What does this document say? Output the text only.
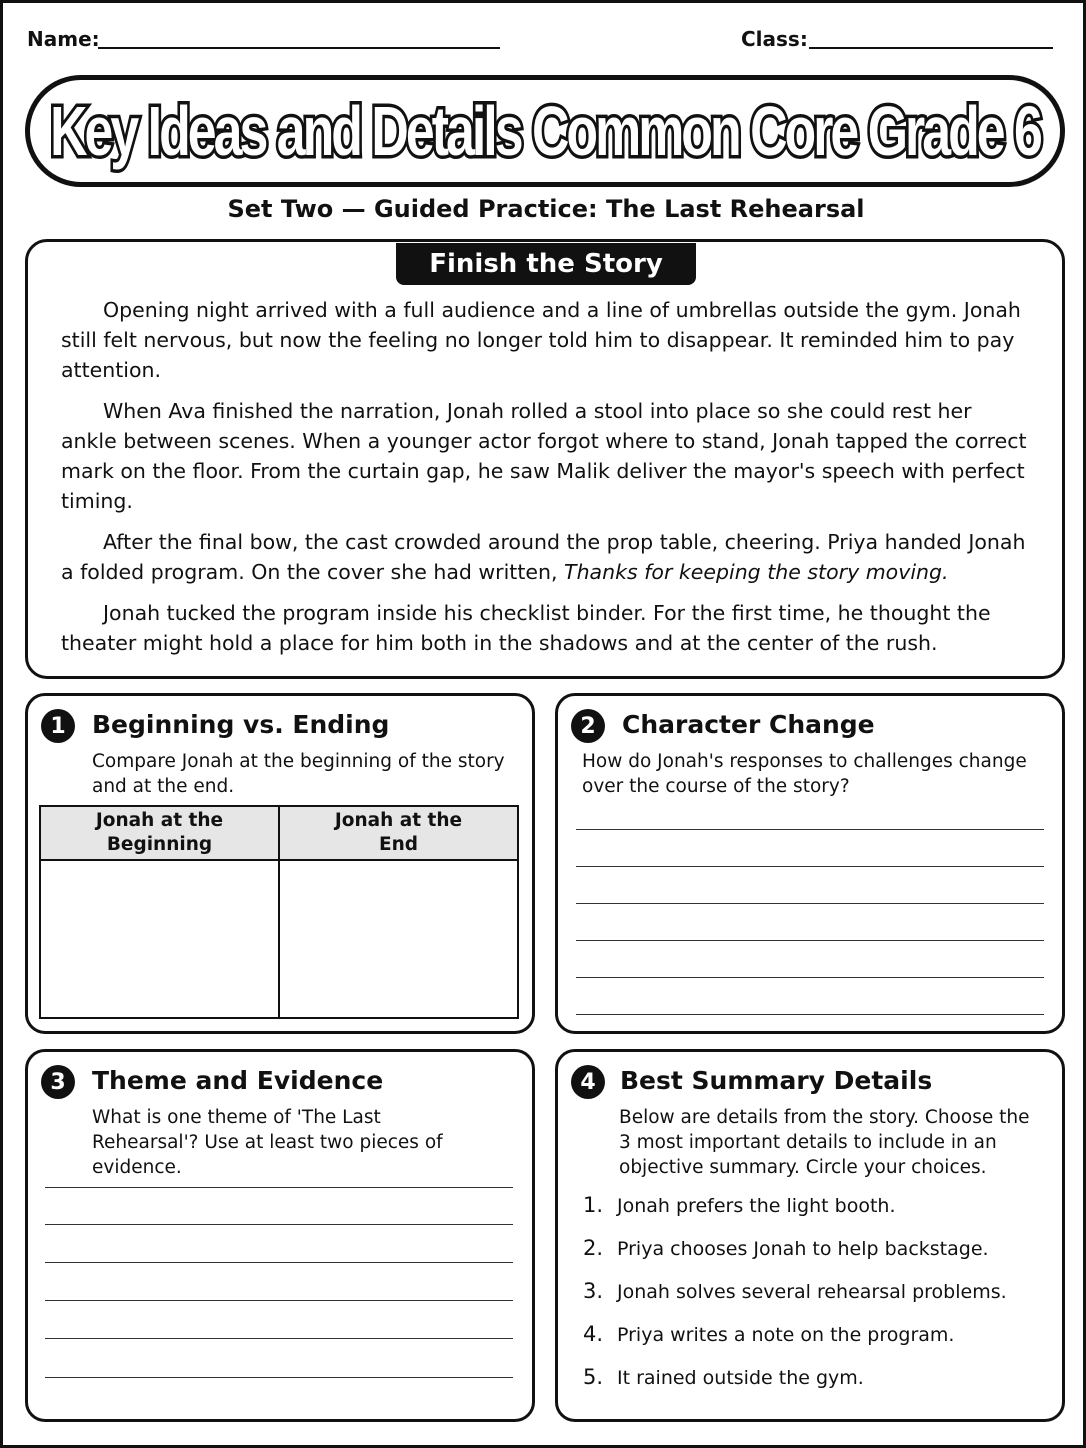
Name:	Class:
Key Ideas and Details Common Core Grade 6
Set Two — Guided Practice: The Last Rehearsal
Finish the Story

Opening night arrived with a full audience and a line of umbrellas outside the gym. Jonah still felt nervous, but now the feeling no longer told him to disappear. It reminded him to pay attention.

When Ava finished the narration, Jonah rolled a stool into place so she could rest her ankle between scenes. When a younger actor forgot where to stand, Jonah tapped the correct mark on the floor. From the curtain gap, he saw Malik deliver the mayor's speech with perfect timing.

After the final bow, the cast crowded around the prop table, cheering. Priya handed Jonah a folded program. On the cover she had written, Thanks for keeping the story moving.

Jonah tucked the program inside his checklist binder. For the first time, he thought the theater might hold a place for him both in the shadows and at the center of the rush.

1	Beginning vs. Ending
Compare Jonah at the beginning of the story and at the end.
Jonah at the Beginning	Jonah at the End

2	Character Change
How do Jonah's responses to challenges change over the course of the story?
3	Theme and Evidence
What is one theme of 'The Last Rehearsal'? Use at least two pieces of evidence.
4 Best Summary Details
Below are details from the story. Choose the 3 most important details to include in an objective summary. Circle your choices.
1. Jonah prefers the light booth.
2. Priya chooses Jonah to help backstage.
3. Jonah solves several rehearsal problems.
4. Priya writes a note on the program.
5. It rained outside the gym.
